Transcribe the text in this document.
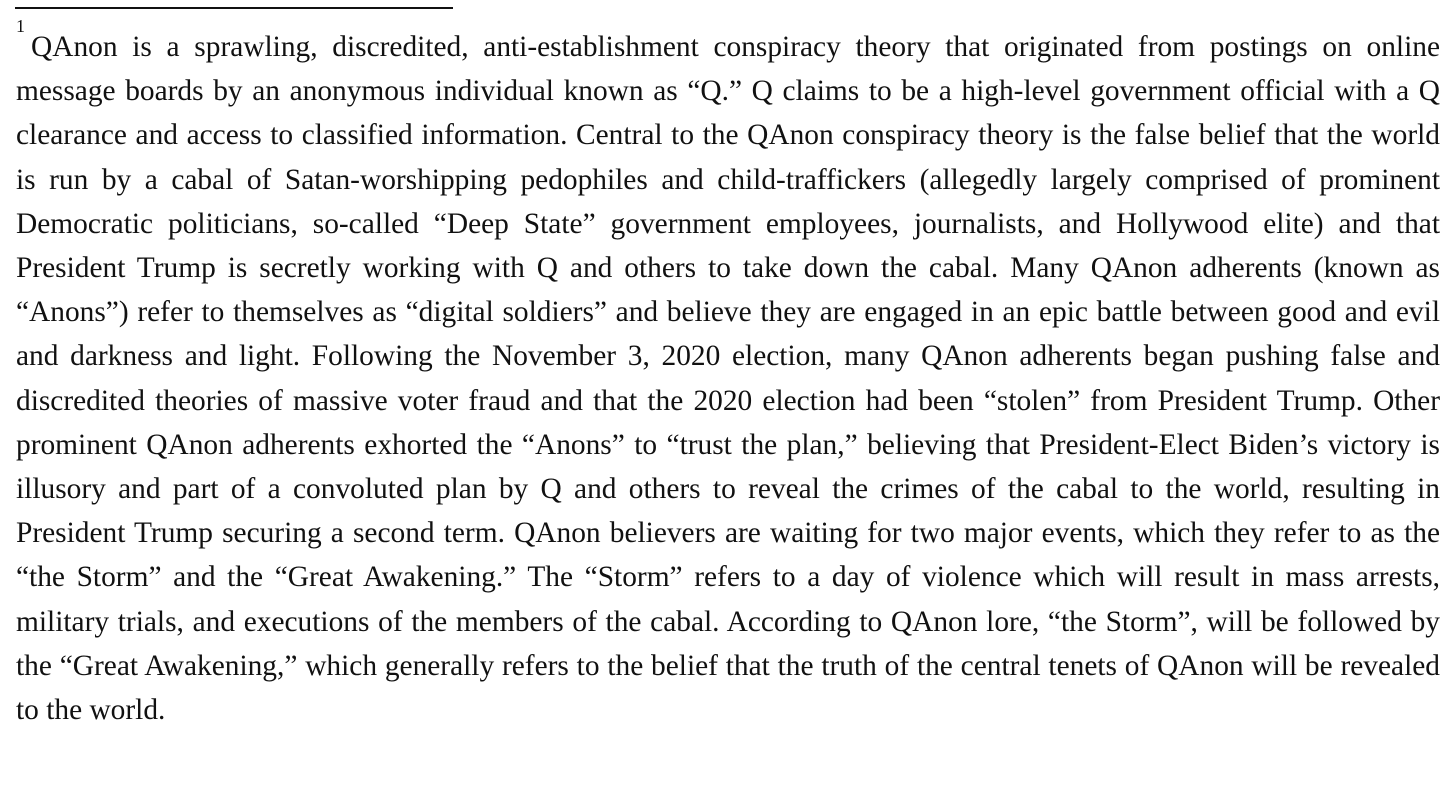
$^1$QAnon is a sprawling, discredited, anti-establishment conspiracy theory that originated from postings on online message boards by an anonymous individual known as “Q.” Q claims to be a high-level government official with a Q clearance and access to classified information. Central to the QAnon conspiracy theory is the false belief that the world is run by a cabal of Satan-worshipping pedophiles and child-traffickers (allegedly largely comprised of prominent Democratic politicians, so-called “Deep State” government employees, journalists, and Hollywood elite) and that President Trump is secretly working with Q and others to take down the cabal. Many QAnon adherents (known as “Anons”) refer to themselves as “digital soldiers” and believe they are engaged in an epic battle between good and evil and darkness and light. Following the November 3, 2020 election, many QAnon adherents began pushing false and discredited theories of massive voter fraud and that the 2020 election had been “stolen” from President Trump. Other prominent QAnon adherents exhorted the “Anons” to “trust the plan,” believing that President-Elect Biden’s victory is illusory and part of a convoluted plan by Q and others to reveal the crimes of the cabal to the world, resulting in President Trump securing a second term. QAnon believers are waiting for two major events, which they refer to as the “the Storm” and the “Great Awakening.” The “Storm” refers to a day of violence which will result in mass arrests, military trials, and executions of the members of the cabal. According to QAnon lore, “the Storm”, will be followed by the “Great Awakening,” which generally refers to the belief that the truth of the central tenets of QAnon will be revealed to the world.
